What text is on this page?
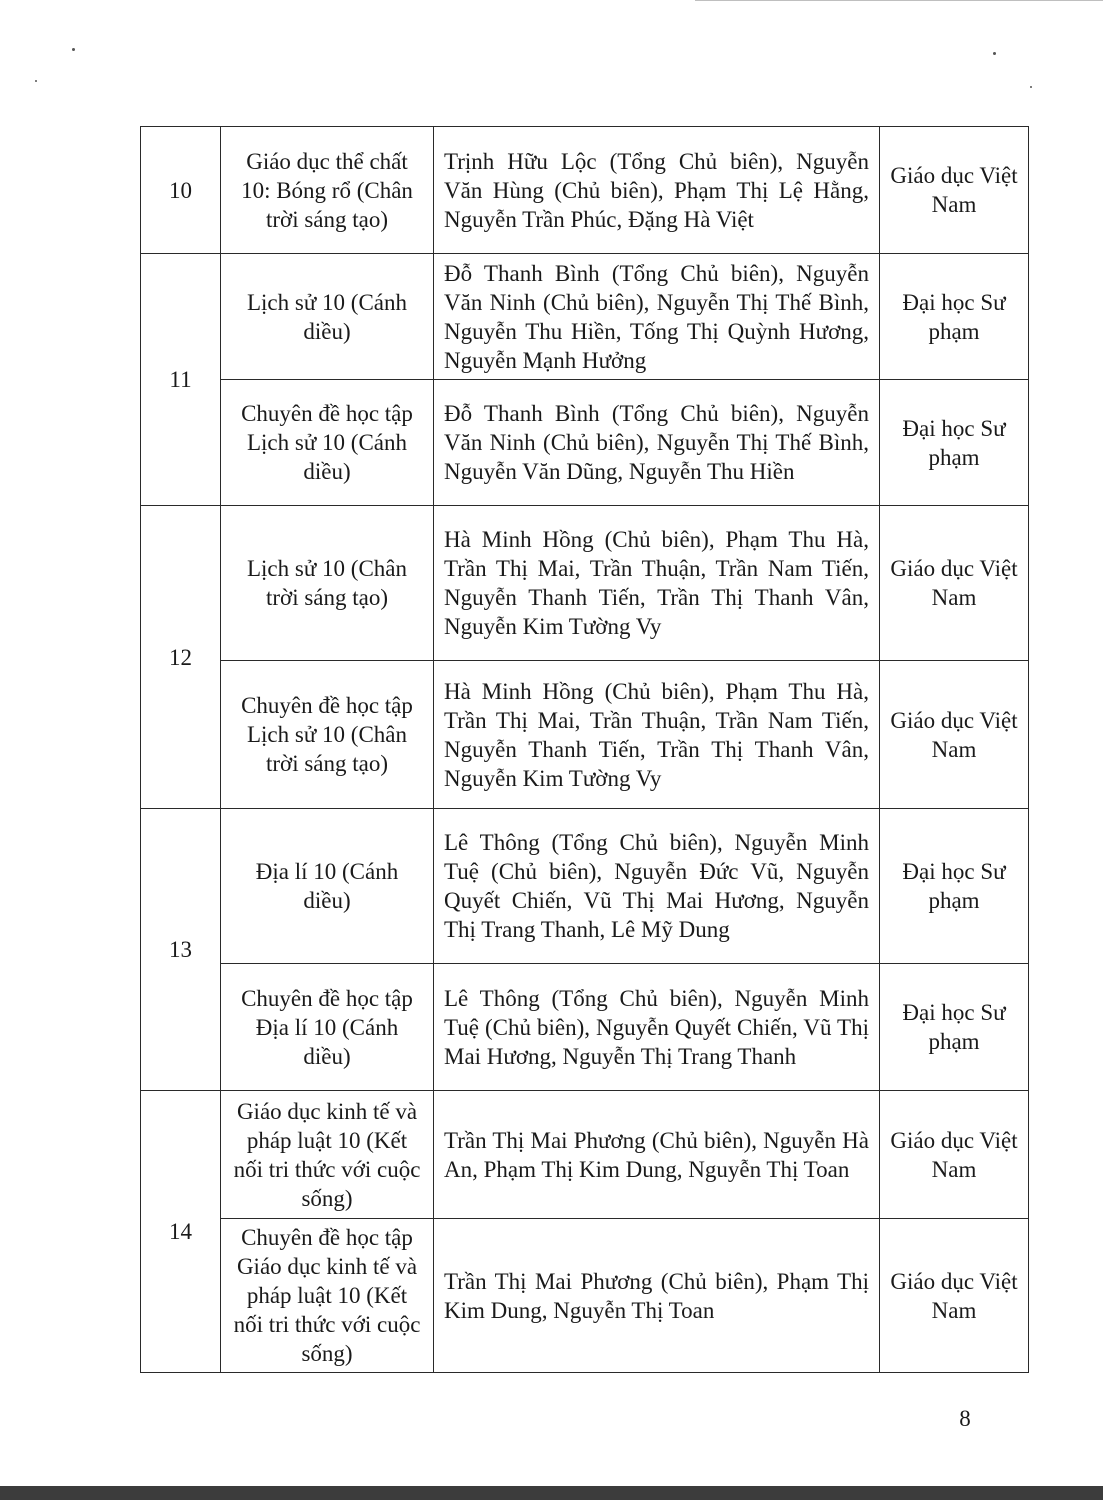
10	Giáo dục thể chất 10: Bóng rổ (Chân trời sáng tạo)	Trịnh Hữu Lộc (Tổng Chủ biên), Nguyễn Văn Hùng (Chủ biên), Phạm Thị Lệ Hằng, Nguyễn Trần Phúc, Đặng Hà Việt	Giáo dục Việt Nam
11	Lịch sử 10 (Cánh diều)	Đỗ Thanh Bình (Tổng Chủ biên), Nguyễn Văn Ninh (Chủ biên), Nguyễn Thị Thế Bình, Nguyễn Thu Hiền, Tống Thị Quỳnh Hương, Nguyễn Mạnh Hưởng	Đại học Sư phạm
	Chuyên đề học tập Lịch sử 10 (Cánh diều)	Đỗ Thanh Bình (Tổng Chủ biên), Nguyễn Văn Ninh (Chủ biên), Nguyễn Thị Thế Bình, Nguyễn Văn Dũng, Nguyễn Thu Hiền	Đại học Sư phạm
12	Lịch sử 10 (Chân trời sáng tạo)	Hà Minh Hồng (Chủ biên), Phạm Thu Hà, Trần Thị Mai, Trần Thuận, Trần Nam Tiến, Nguyễn Thanh Tiến, Trần Thị Thanh Vân, Nguyễn Kim Tường Vy	Giáo dục Việt Nam
	Chuyên đề học tập Lịch sử 10 (Chân trời sáng tạo)	Hà Minh Hồng (Chủ biên), Phạm Thu Hà, Trần Thị Mai, Trần Thuận, Trần Nam Tiến, Nguyễn Thanh Tiến, Trần Thị Thanh Vân, Nguyễn Kim Tường Vy	Giáo dục Việt Nam
13	Địa lí 10 (Cánh diều)	Lê Thông (Tổng Chủ biên), Nguyễn Minh Tuệ (Chủ biên), Nguyễn Đức Vũ, Nguyễn Quyết Chiến, Vũ Thị Mai Hương, Nguyễn Thị Trang Thanh, Lê Mỹ Dung	Đại học Sư phạm
	Chuyên đề học tập Địa lí 10 (Cánh diều)	Lê Thông (Tổng Chủ biên), Nguyễn Minh Tuệ (Chủ biên), Nguyễn Quyết Chiến, Vũ Thị Mai Hương, Nguyễn Thị Trang Thanh	Đại học Sư phạm
14	Giáo dục kinh tế và pháp luật 10 (Kết nối tri thức với cuộc sống)	Trần Thị Mai Phương (Chủ biên), Nguyễn Hà An, Phạm Thị Kim Dung, Nguyễn Thị Toan	Giáo dục Việt Nam
	Chuyên đề học tập Giáo dục kinh tế và pháp luật 10 (Kết nối tri thức với cuộc sống)	Trần Thị Mai Phương (Chủ biên), Phạm Thị Kim Dung, Nguyễn Thị Toan	Giáo dục Việt Nam
8
